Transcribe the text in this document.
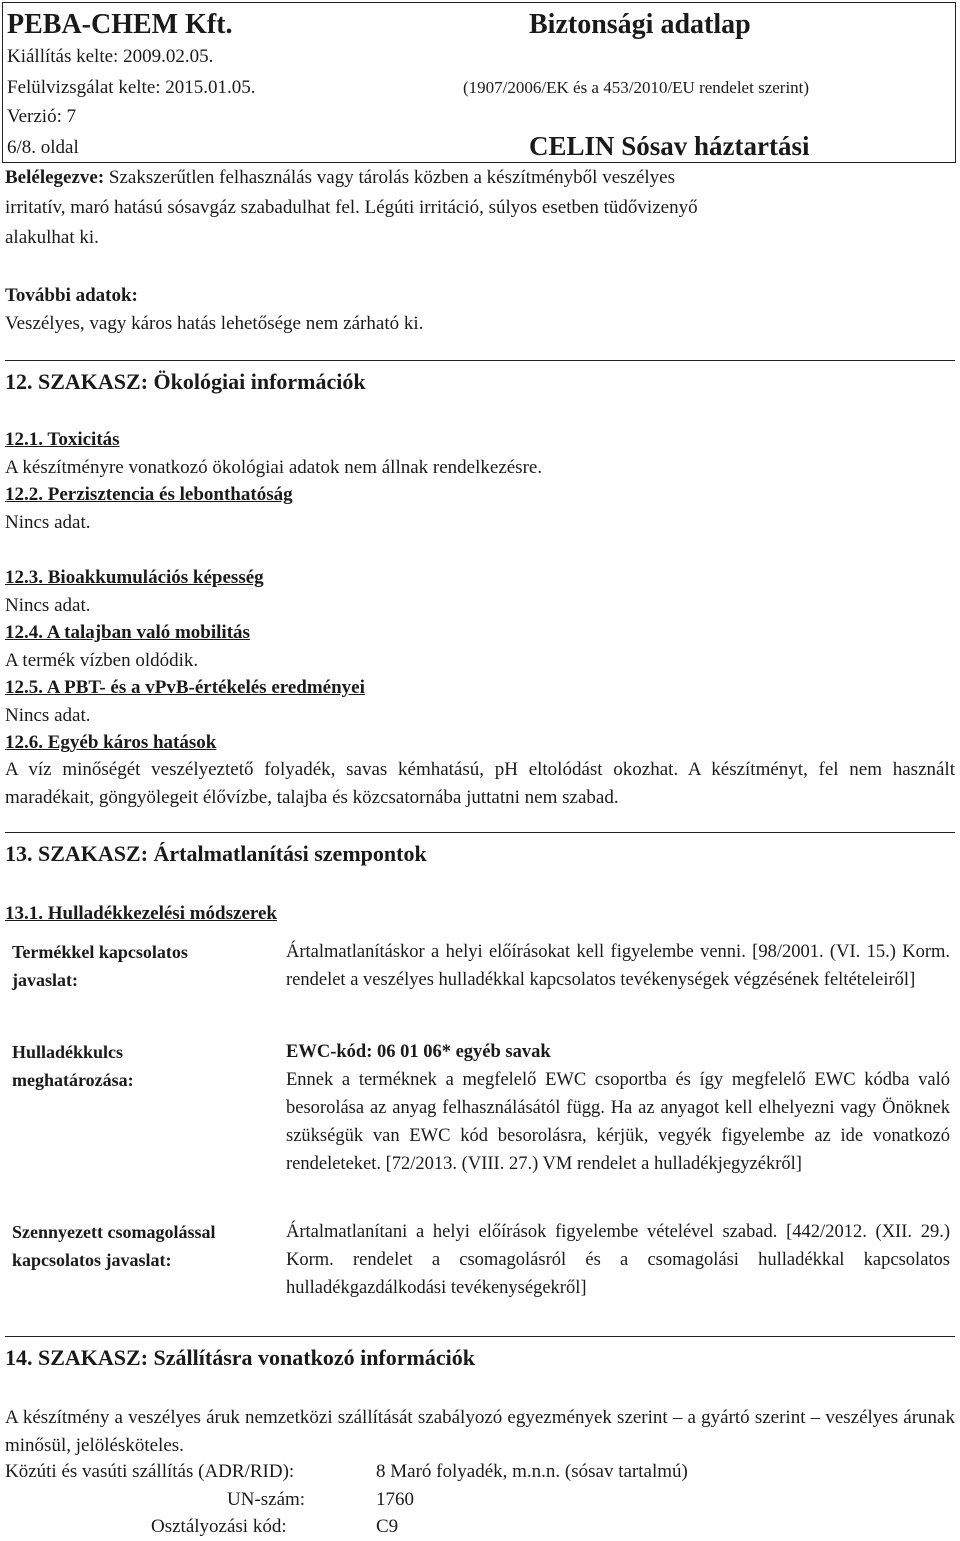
PEBA-CHEM Kft.	Biztonsági adatlap
Kiállítás kelte: 2009.02.05.
Felülvizsgálat kelte: 2015.01.05.
Verzió: 7
6/8. oldal
(1907/2006/EK és a 453/2010/EU rendelet szerint)
CELIN Sósav háztartási
Belélegezve: Szakszerűtlen felhasználás vagy tárolás közben a készítményből veszélyes
irritatív, maró hatású sósavgáz szabadulhat fel. Légúti irritáció, súlyos esetben tüdővizenyő
alakulhat ki.
További adatok:
Veszélyes, vagy káros hatás lehetősége nem zárható ki.
12. SZAKASZ: Ökológiai információk
12.1. Toxicitás
A készítményre vonatkozó ökológiai adatok nem állnak rendelkezésre.
12.2. Perzisztencia és lebonthatóság
Nincs adat.
12.3. Bioakkumulációs képesség
Nincs adat.
12.4. A talajban való mobilitás
A termék vízben oldódik.
12.5. A PBT- és a vPvB-értékelés eredményei
Nincs adat.
12.6. Egyéb káros hatások
A víz minőségét veszélyeztető folyadék, savas kémhatású, pH eltolódást okozhat. A készítményt, fel nem használt maradékait, göngyölegeit élővízbe, talajba és közcsatornába juttatni nem szabad.
13. SZAKASZ: Ártalmatlanítási szempontok
13.1. Hulladékkezelési módszerek
Termékkel kapcsolatos javaslat:
Ártalmatlanításkor a helyi előírásokat kell figyelembe venni. [98/2001. (VI. 15.) Korm. rendelet a veszélyes hulladékkal kapcsolatos tevékenységek végzésének feltételeiről]
Hulladékkulcs meghatározása:
EWC-kód: 06 01 06* egyéb savak
Ennek a terméknek a megfelelő EWC csoportba és így megfelelő EWC kódba való besorolása az anyag felhasználásától függ. Ha az anyagot kell elhelyezni vagy Önöknek szükségük van EWC kód besorolásra, kérjük, vegyék figyelembe az ide vonatkozó rendeleteket. [72/2013. (VIII. 27.) VM rendelet a hulladékjegyzékről]
Szennyezett csomagolással kapcsolatos javaslat:
Ártalmatlanítani a helyi előírások figyelembe vételével szabad. [442/2012. (XII. 29.) Korm. rendelet a csomagolásról és a csomagolási hulladékkal kapcsolatos hulladékgazdálkodási tevékenységekről]
14. SZAKASZ: Szállításra vonatkozó információk
A készítmény a veszélyes áruk nemzetközi szállítását szabályozó egyezmények szerint – a gyártó szerint – veszélyes árunak minősül, jelölésköteles.
Közúti és vasúti szállítás (ADR/RID):	8 Maró folyadék, m.n.n. (sósav tartalmú)
UN-szám:	1760
Osztályozási kód:	C9
